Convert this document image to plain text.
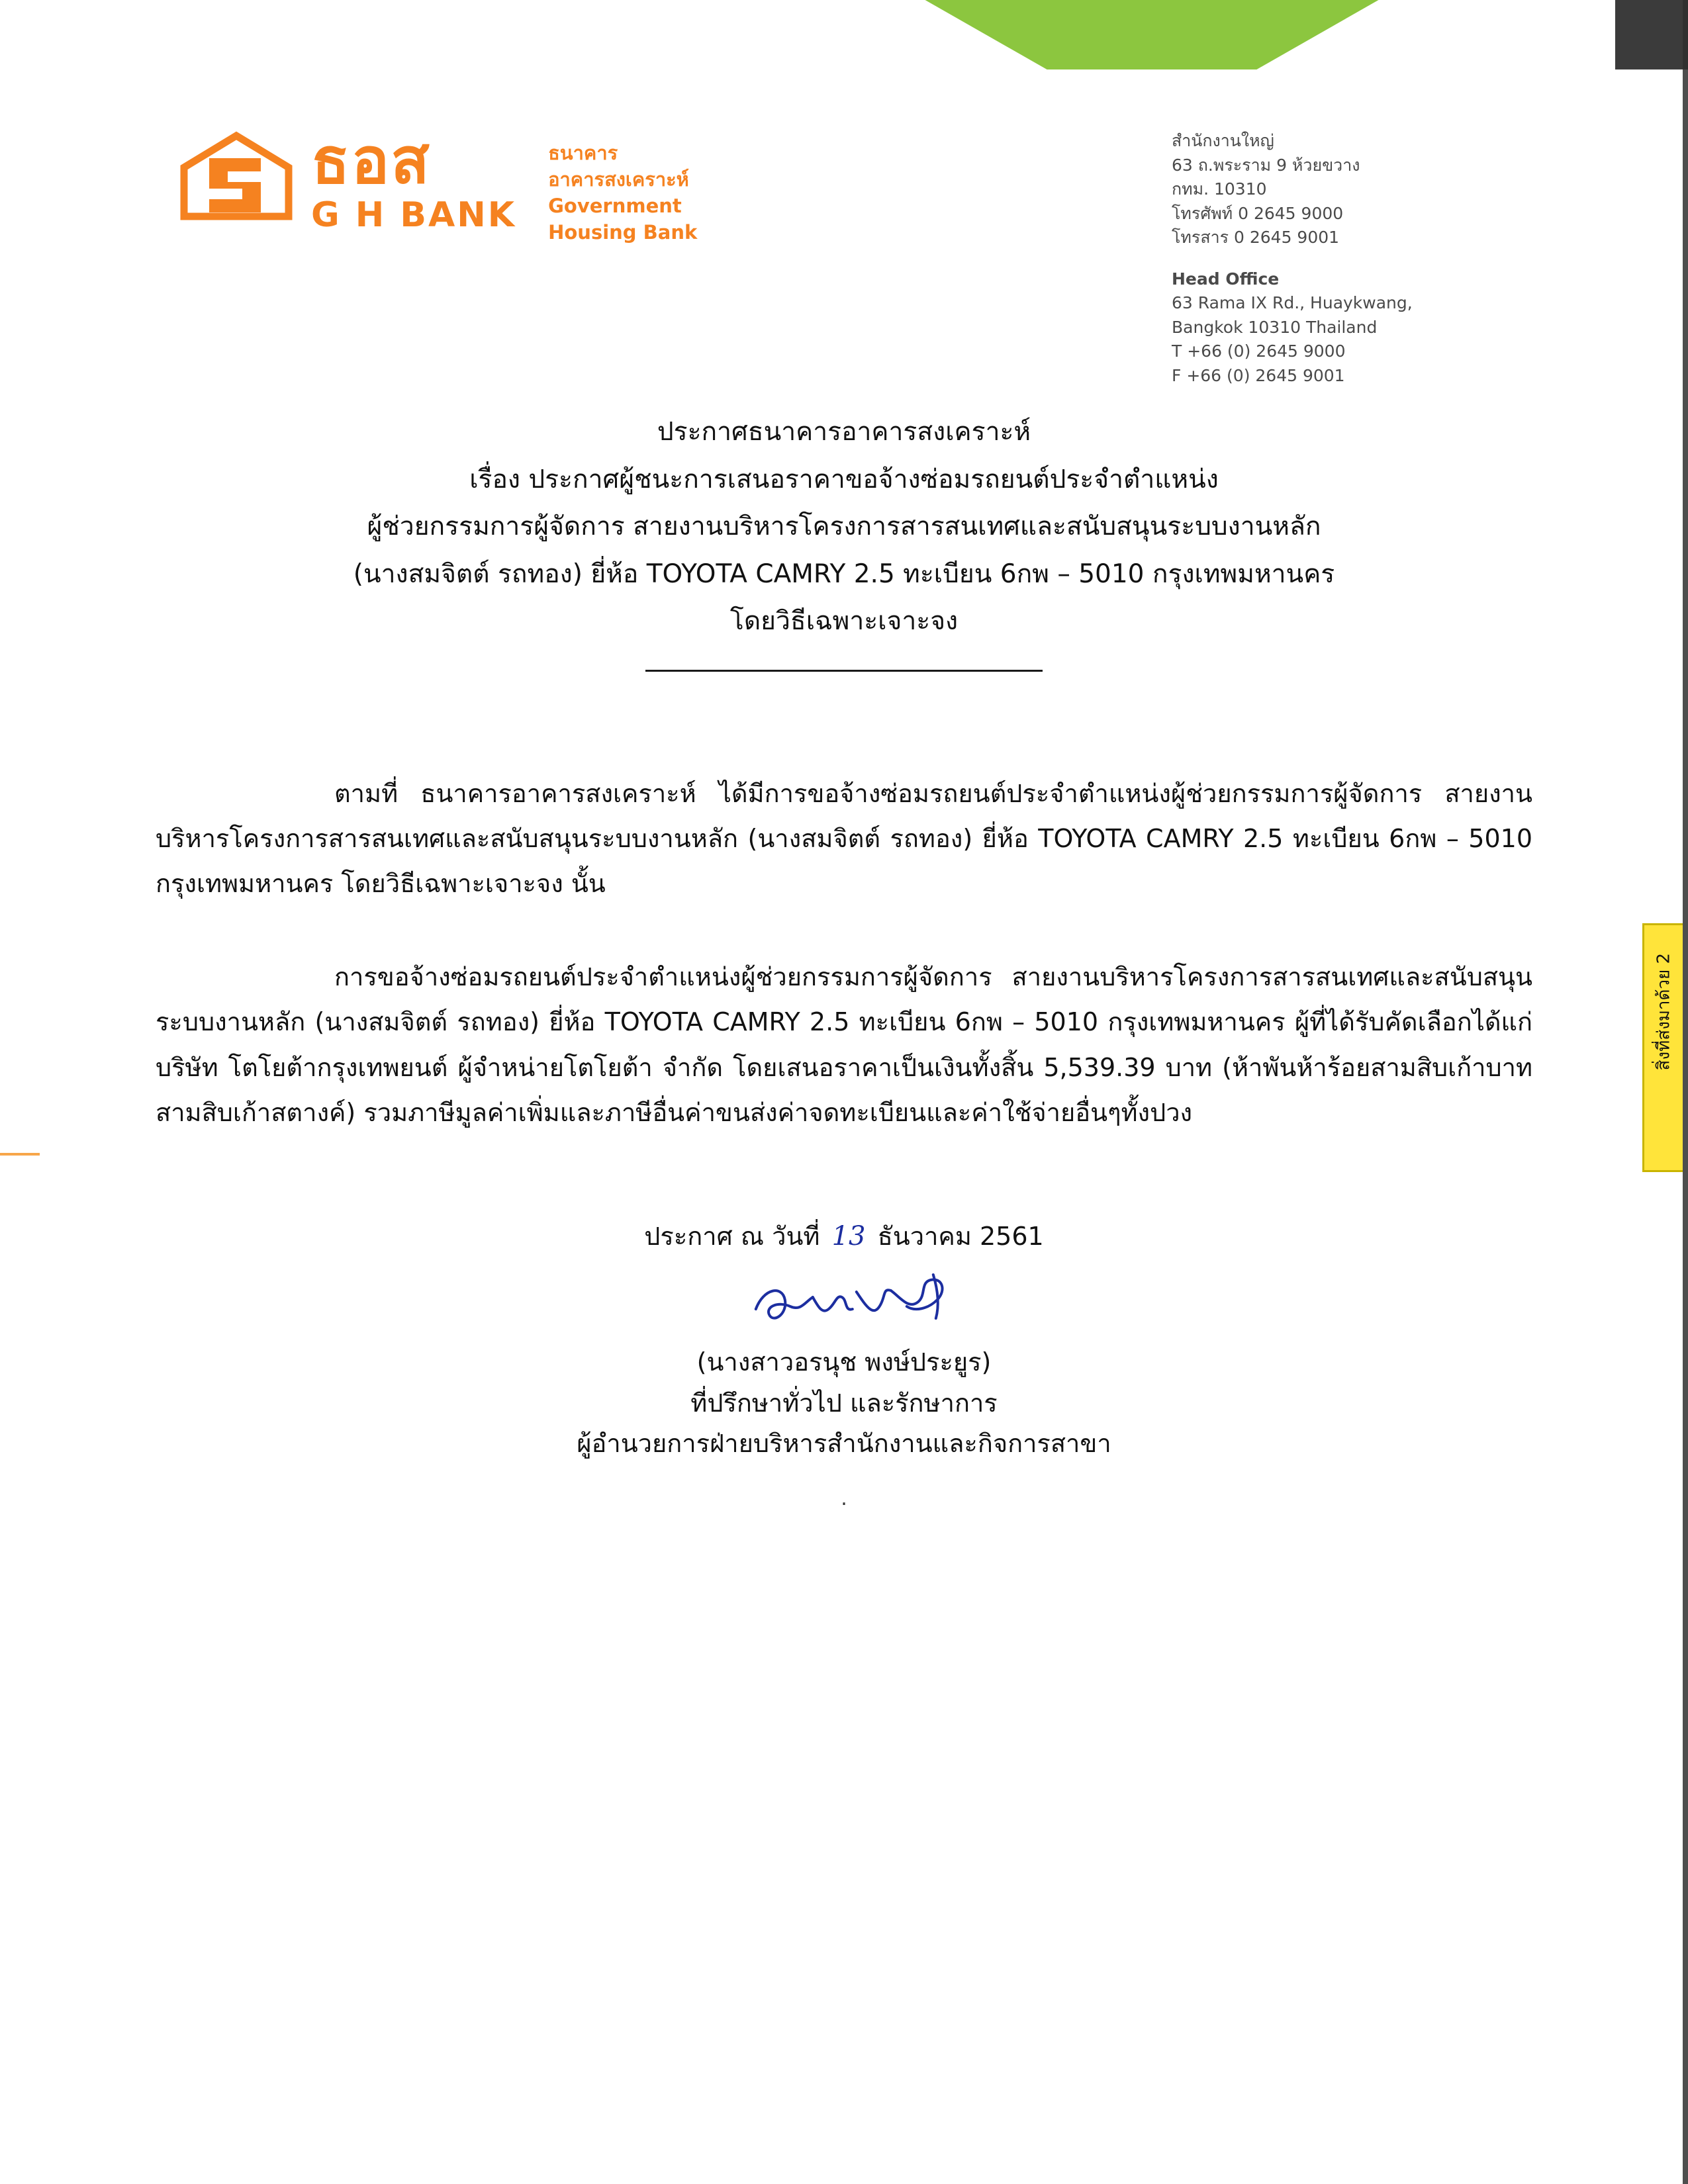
ธอส
G H BANK
ธนาคาร
อาคารสงเคราะห์
Government
Housing Bank
สำนักงานใหญ่
63 ถ.พระราม 9 ห้วยขวาง
กทม. 10310
โทรศัพท์ 0 2645 9000
โทรสาร 0 2645 9001
Head Office
63 Rama IX Rd., Huaykwang,
Bangkok 10310 Thailand
T +66 (0) 2645 9000
F +66 (0) 2645 9001
ประกาศธนาคารอาคารสงเคราะห์
เรื่อง ประกาศผู้ชนะการเสนอราคาขอจ้างซ่อมรถยนต์ประจำตำแหน่ง
ผู้ช่วยกรรมการผู้จัดการ สายงานบริหารโครงการสารสนเทศและสนับสนุนระบบงานหลัก
(นางสมจิตต์ รถทอง) ยี่ห้อ TOYOTA CAMRY 2.5 ทะเบียน 6กพ – 5010 กรุงเทพมหานคร
โดยวิธีเฉพาะเจาะจง
ตามที่ ธนาคารอาคารสงเคราะห์ ได้มีการขอจ้างซ่อมรถยนต์ประจำตำแหน่งผู้ช่วยกรรมการผู้จัดการ สายงานบริหารโครงการสารสนเทศและสนับสนุนระบบงานหลัก (นางสมจิตต์ รถทอง) ยี่ห้อ TOYOTA CAMRY 2.5 ทะเบียน 6กพ – 5010 กรุงเทพมหานคร โดยวิธีเฉพาะเจาะจง นั้น
การขอจ้างซ่อมรถยนต์ประจำตำแหน่งผู้ช่วยกรรมการผู้จัดการ สายงานบริหารโครงการสารสนเทศและสนับสนุนระบบงานหลัก (นางสมจิตต์ รถทอง) ยี่ห้อ TOYOTA CAMRY 2.5 ทะเบียน 6กพ – 5010 กรุงเทพมหานคร ผู้ที่ได้รับคัดเลือกได้แก่บริษัท โตโยต้ากรุงเทพยนต์ ผู้จำหน่ายโตโยต้า จำกัด โดยเสนอราคาเป็นเงินทั้งสิ้น 5,539.39 บาท (ห้าพันห้าร้อยสามสิบเก้าบาทสามสิบเก้าสตางค์) รวมภาษีมูลค่าเพิ่มและภาษีอื่นค่าขนส่งค่าจดทะเบียนและค่าใช้จ่ายอื่นๆทั้งปวง
ประกาศ ณ วันที่ 13 ธันวาคม 2561
(นางสาวอรนุช พงษ์ประยูร)
ที่ปรึกษาทั่วไป และรักษาการ
ผู้อำนวยการฝ่ายบริหารสำนักงานและกิจการสาขา
.
สิ่งที่ส่งมาด้วย 2
